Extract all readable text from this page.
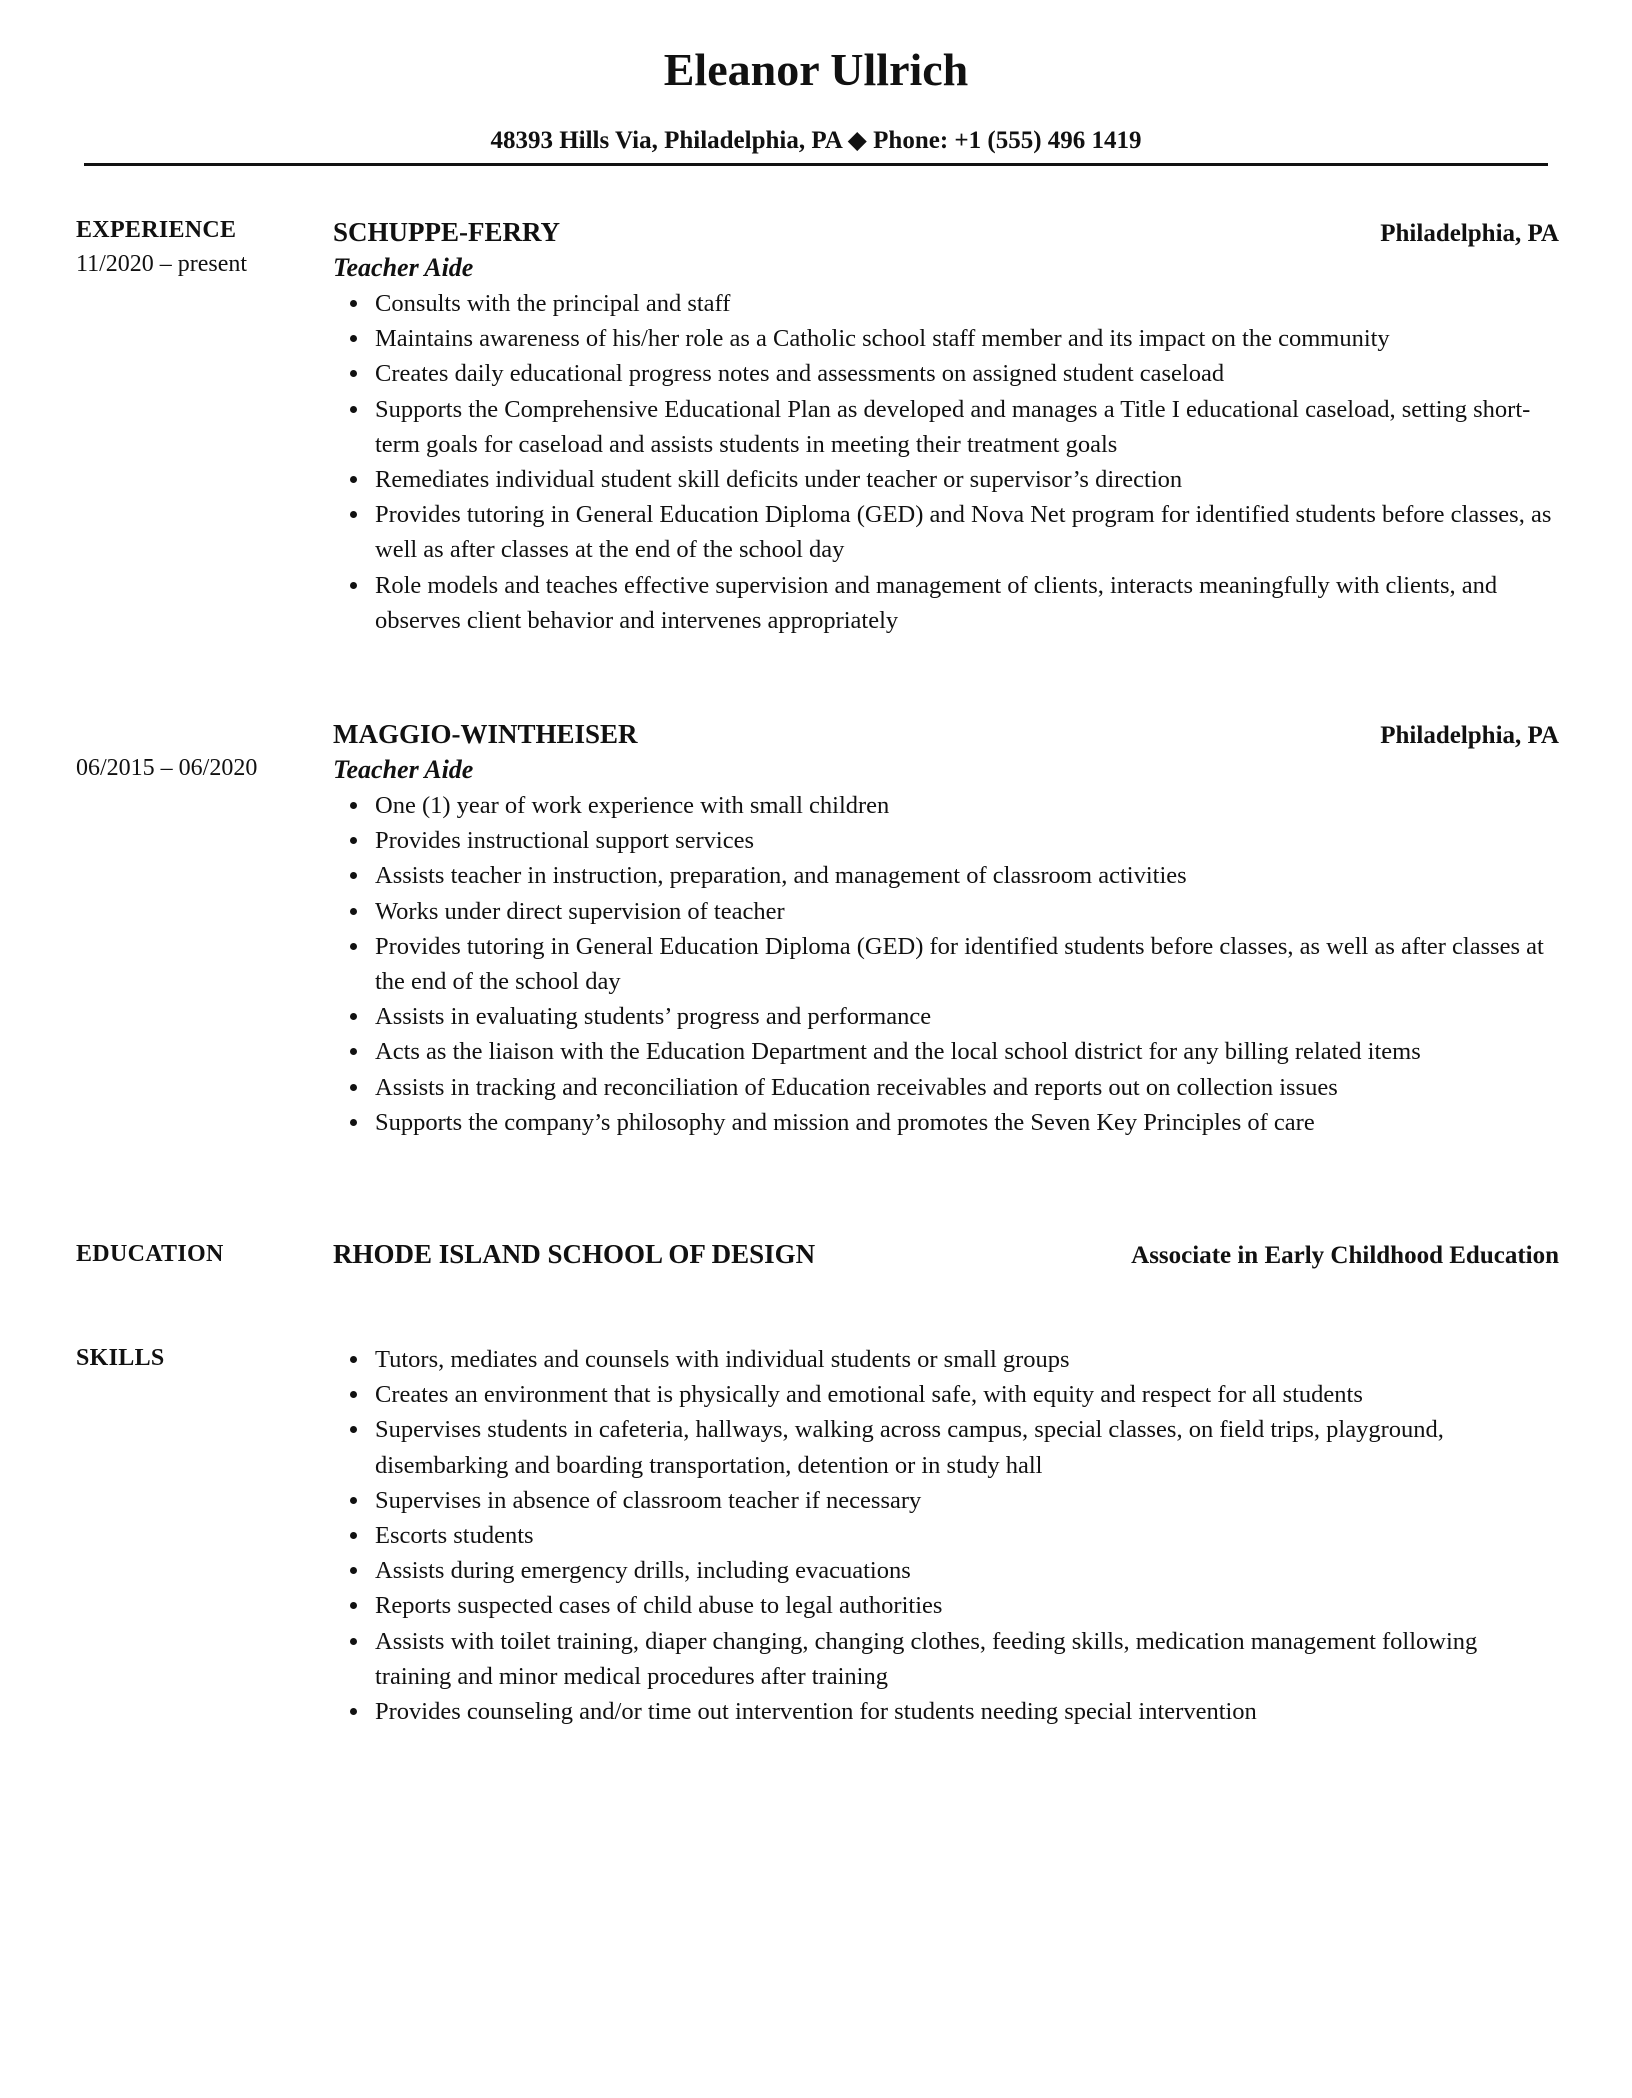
Eleanor Ullrich
48393 Hills Via, Philadelphia, PA ◆ Phone: +1 (555) 496 1419
EXPERIENCE
11/2020 – present
SCHUPPE-FERRY	Philadelphia, PA
Teacher Aide
Consults with the principal and staff
Maintains awareness of his/her role as a Catholic school staff member and its impact on the community
Creates daily educational progress notes and assessments on assigned student caseload
Supports the Comprehensive Educational Plan as developed and manages a Title I educational caseload, setting short-term goals for caseload and assists students in meeting their treatment goals
Remediates individual student skill deficits under teacher or supervisor’s direction
Provides tutoring in General Education Diploma (GED) and Nova Net program for identified students before classes, as well as after classes at the end of the school day
Role models and teaches effective supervision and management of clients, interacts meaningfully with clients, and observes client behavior and intervenes appropriately
06/2015 – 06/2020
MAGGIO-WINTHEISER	Philadelphia, PA
Teacher Aide
One (1) year of work experience with small children
Provides instructional support services
Assists teacher in instruction, preparation, and management of classroom activities
Works under direct supervision of teacher
Provides tutoring in General Education Diploma (GED) for identified students before classes, as well as after classes at the end of the school day
Assists in evaluating students’ progress and performance
Acts as the liaison with the Education Department and the local school district for any billing related items
Assists in tracking and reconciliation of Education receivables and reports out on collection issues
Supports the company’s philosophy and mission and promotes the Seven Key Principles of care
EDUCATION	RHODE ISLAND SCHOOL OF DESIGN	Associate in Early Childhood Education
SKILLS	Tutors, mediates and counsels with individual students or small groups
Creates an environment that is physically and emotional safe, with equity and respect for all students
Supervises students in cafeteria, hallways, walking across campus, special classes, on field trips, playground, disembarking and boarding transportation, detention or in study hall
Supervises in absence of classroom teacher if necessary
Escorts students
Assists during emergency drills, including evacuations
Reports suspected cases of child abuse to legal authorities
Assists with toilet training, diaper changing, changing clothes, feeding skills, medication management following training and minor medical procedures after training
Provides counseling and/or time out intervention for students needing special intervention
